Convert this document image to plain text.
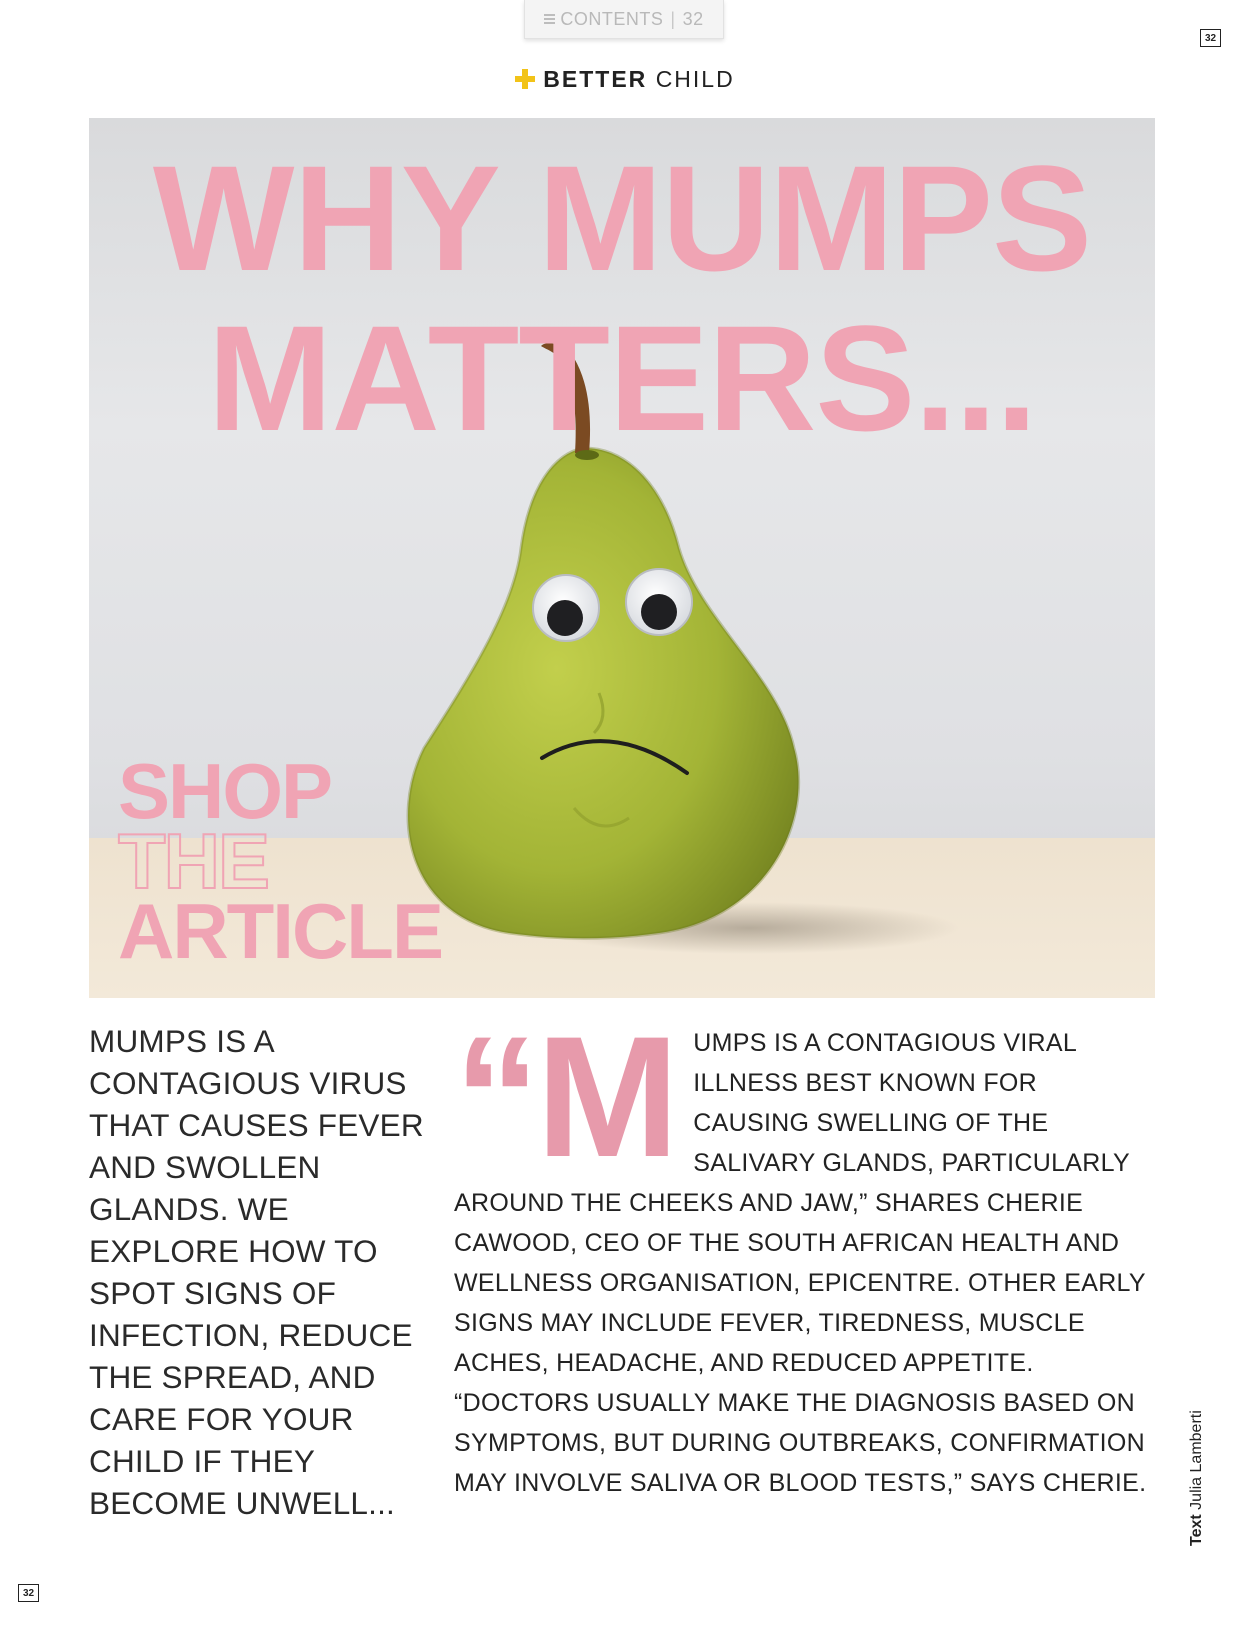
CONTENTS | 32
32
32
BETTER CHILD
WHY MUMPS
MATTERS...
SHOP
THE
ARTICLE
MUMPS IS A CONTAGIOUS VIRUS THAT CAUSES FEVER AND SWOLLEN GLANDS. WE EXPLORE HOW TO SPOT SIGNS OF INFECTION, REDUCE THE SPREAD, AND CARE FOR YOUR CHILD IF THEY BECOME UNWELL...
“M UMPS IS A CONTAGIOUS VIRAL ILLNESS BEST KNOWN FOR CAUSING SWELLING OF THE SALIVARY GLANDS, PARTICULARLY AROUND THE CHEEKS AND JAW,” SHARES CHERIE CAWOOD, CEO OF THE SOUTH AFRICAN HEALTH AND WELLNESS ORGANISATION, EPICENTRE. OTHER EARLY SIGNS MAY INCLUDE FEVER, TIREDNESS, MUSCLE ACHES, HEADACHE, AND REDUCED APPETITE. “DOCTORS USUALLY MAKE THE DIAGNOSIS BASED ON SYMPTOMS, BUT DURING OUTBREAKS, CONFIRMATION MAY INVOLVE SALIVA OR BLOOD TESTS,” SAYS CHERIE.
Text Julia Lamberti
